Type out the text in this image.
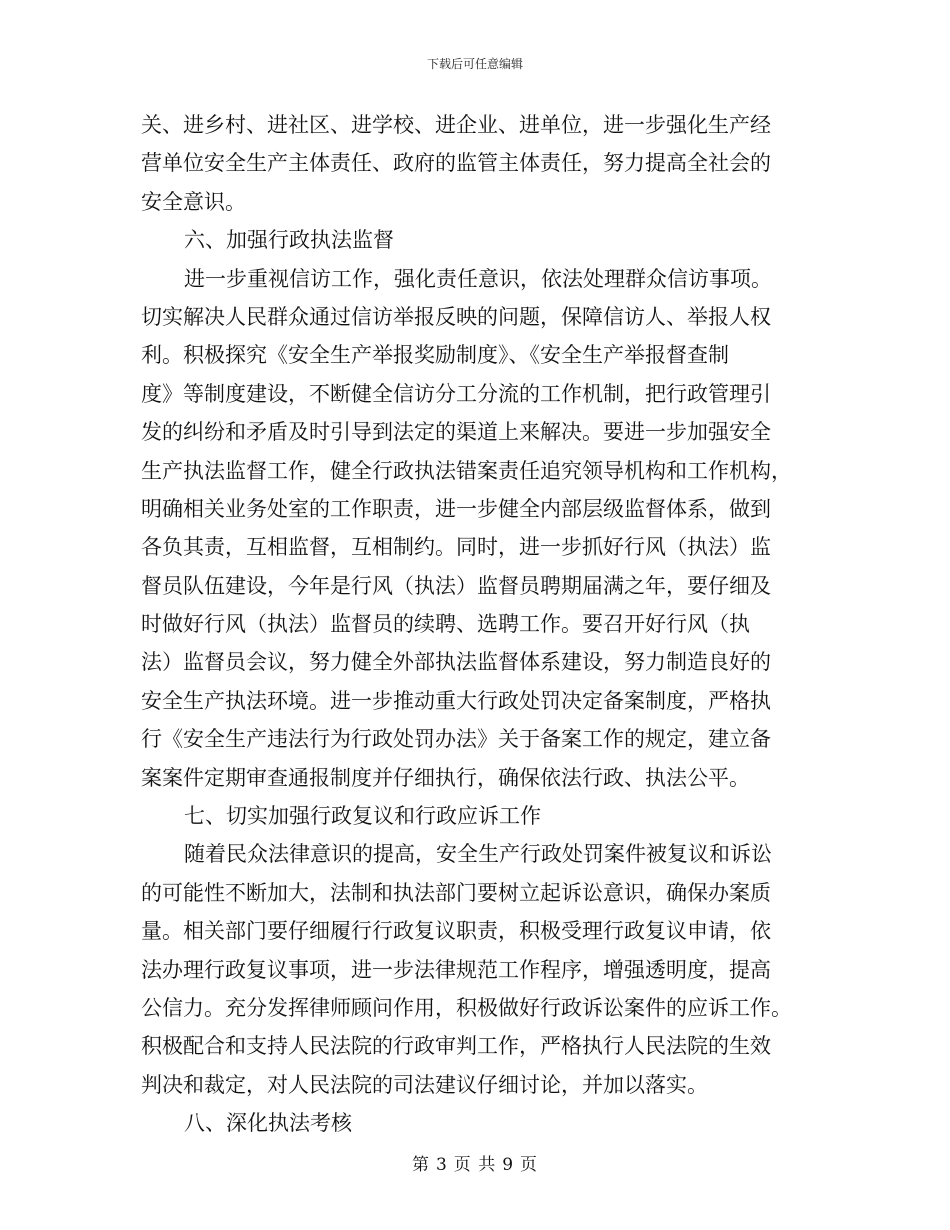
下载后可任意编辑
关、进乡村、进社区、进学校、进企业、进单位，进一步强化生产经
营单位安全生产主体责任、政府的监管主体责任，努力提高全社会的
安全意识。
六、加强行政执法监督
进一步重视信访工作，强化责任意识，依法处理群众信访事项。
切实解决人民群众通过信访举报反映的问题，保障信访人、举报人权
利。积极探究《安全生产举报奖励制度》、《安全生产举报督查制
度》等制度建设，不断健全信访分工分流的工作机制，把行政管理引
发的纠纷和矛盾及时引导到法定的渠道上来解决。要进一步加强安全
生产执法监督工作，健全行政执法错案责任追究领导机构和工作机构，
明确相关业务处室的工作职责，进一步健全内部层级监督体系，做到
各负其责，互相监督，互相制约。同时，进一步抓好行风（执法）监
督员队伍建设，今年是行风（执法）监督员聘期届满之年，要仔细及
时做好行风（执法）监督员的续聘、选聘工作。要召开好行风（执
法）监督员会议，努力健全外部执法监督体系建设，努力制造良好的
安全生产执法环境。进一步推动重大行政处罚决定备案制度，严格执
行《安全生产违法行为行政处罚办法》关于备案工作的规定，建立备
案案件定期审查通报制度并仔细执行，确保依法行政、执法公平。
七、切实加强行政复议和行政应诉工作
随着民众法律意识的提高，安全生产行政处罚案件被复议和诉讼
的可能性不断加大，法制和执法部门要树立起诉讼意识，确保办案质
量。相关部门要仔细履行行政复议职责，积极受理行政复议申请，依
法办理行政复议事项，进一步法律规范工作程序，增强透明度，提高
公信力。充分发挥律师顾问作用，积极做好行政诉讼案件的应诉工作。
积极配合和支持人民法院的行政审判工作，严格执行人民法院的生效
判决和裁定，对人民法院的司法建议仔细讨论，并加以落实。
八、深化执法考核
第 3 页 共 9 页
